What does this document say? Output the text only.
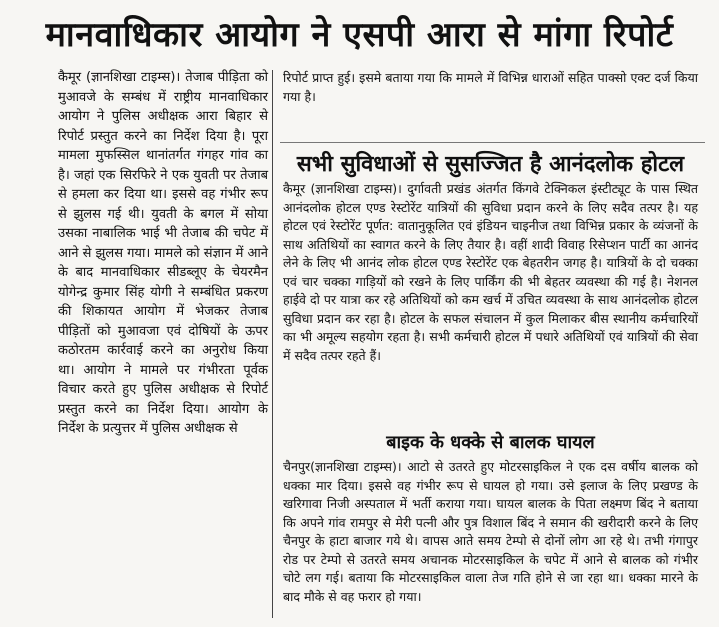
मानवाधिकार आयोग ने एसपी आरा से मांगा रिपोर्ट

कैमूर (ज्ञानशिखा टाइम्स)। तेजाब पीड़िता को मुआवजे के सम्बंध में राष्ट्रीय मानवाधिकार आयोग ने पुलिस अधीक्षक आरा बिहार से रिपोर्ट प्रस्तुत करने का निर्देश दिया है। पूरा मामला मुफस्सिल थानांतर्गत गंगहर गांव का है। जहां एक सिरफिरे ने एक युवती पर तेजाब से हमला कर दिया था। इससे वह गंभीर रूप से झुलस गई थी। युवती के बगल में सोया उसका नाबालिक भाई भी तेजाब की चपेट में आने से झुलस गया। मामले को संज्ञान में आने के बाद मानवाधिकार सीडब्लूए के चेयरमैन योगेन्द्र कुमार सिंह योगी ने सम्बंधित प्रकरण की शिकायत आयोग में भेजकर तेजाब पीड़ितों को मुआवजा एवं दोषियों के ऊपर कठोरतम कार्रवाई करने का अनुरोध किया था। आयोग ने मामले पर गंभीरता पूर्वक विचार करते हुए पुलिस अधीक्षक से रिपोर्ट प्रस्तुत करने का निर्देश दिया। आयोग के निर्देश के प्रत्युत्तर में पुलिस अधीक्षक से

रिपोर्ट प्राप्त हुई। इसमे बताया गया कि मामले में विभिन्न धाराओं सहित पाक्सो एक्ट दर्ज किया गया है।

सभी सुविधाओं से सुसज्जित है आनंदलोक होटल

कैमूर (ज्ञानशिखा टाइम्स)। दुर्गावती प्रखंड अंतर्गत किंगवे टेक्निकल इंस्टीट्यूट के पास स्थित आनंदलोक होटल एण्ड रेस्टोरेंट यात्रियों की सुविधा प्रदान करने के लिए सदैव तत्पर है। यह होटल एवं रेस्टोरेंट पूर्णत: वातानुकूलित एवं इंडियन चाइनीज तथा विभिन्न प्रकार के व्यंजनों के साथ अतिथियों का स्वागत करने के लिए तैयार है। वहीं शादी विवाह रिसेप्शन पार्टी का आनंद लेने के लिए भी आनंद लोक होटल एण्ड रेस्टोरेंट एक बेहतरीन जगह है। यात्रियों के दो चक्का एवं चार चक्का गाड़ियों को रखने के लिए पार्किंग की भी बेहतर व्यवस्था की गई है। नेशनल हाईवे दो पर यात्रा कर रहे अतिथियों को कम खर्च में उचित व्यवस्था के साथ आनंदलोक होटल सुविधा प्रदान कर रहा है। होटल के सफल संचालन में कुल मिलाकर बीस स्थानीय कर्मचारियों का भी अमूल्य सहयोग रहता है। सभी कर्मचारी होटल में पधारे अतिथियों एवं यात्रियों की सेवा में सदैव तत्पर रहते हैं।

बाइक के धक्के से बालक घायल

चैनपुर(ज्ञानशिखा टाइम्स)। आटो से उतरते हुए मोटरसाइकिल ने एक दस वर्षीय बालक को धक्का मार दिया। इससे वह गंभीर रूप से घायल हो गया। उसे इलाज के लिए प्रखण्ड के खरिगावा निजी अस्पताल में भर्ती कराया गया। घायल बालक के पिता लक्ष्मण बिंद ने बताया कि अपने गांव रामपुर से मेरी पत्नी और पुत्र विशाल बिंद ने समान की खरीदारी करने के लिए चैनपुर के हाटा बाजार गये थे। वापस आते समय टेम्पो से दोनों लोग आ रहे थे। तभी गंगापुर रोड पर टेम्पो से उतरते समय अचानक मोटरसाइकिल के चपेट में आने से बालक को गंभीर चोटे लग गई। बताया कि मोटरसाइकिल वाला तेज गति होने से जा रहा था। धक्का मारने के बाद मौके से वह फरार हो गया।
